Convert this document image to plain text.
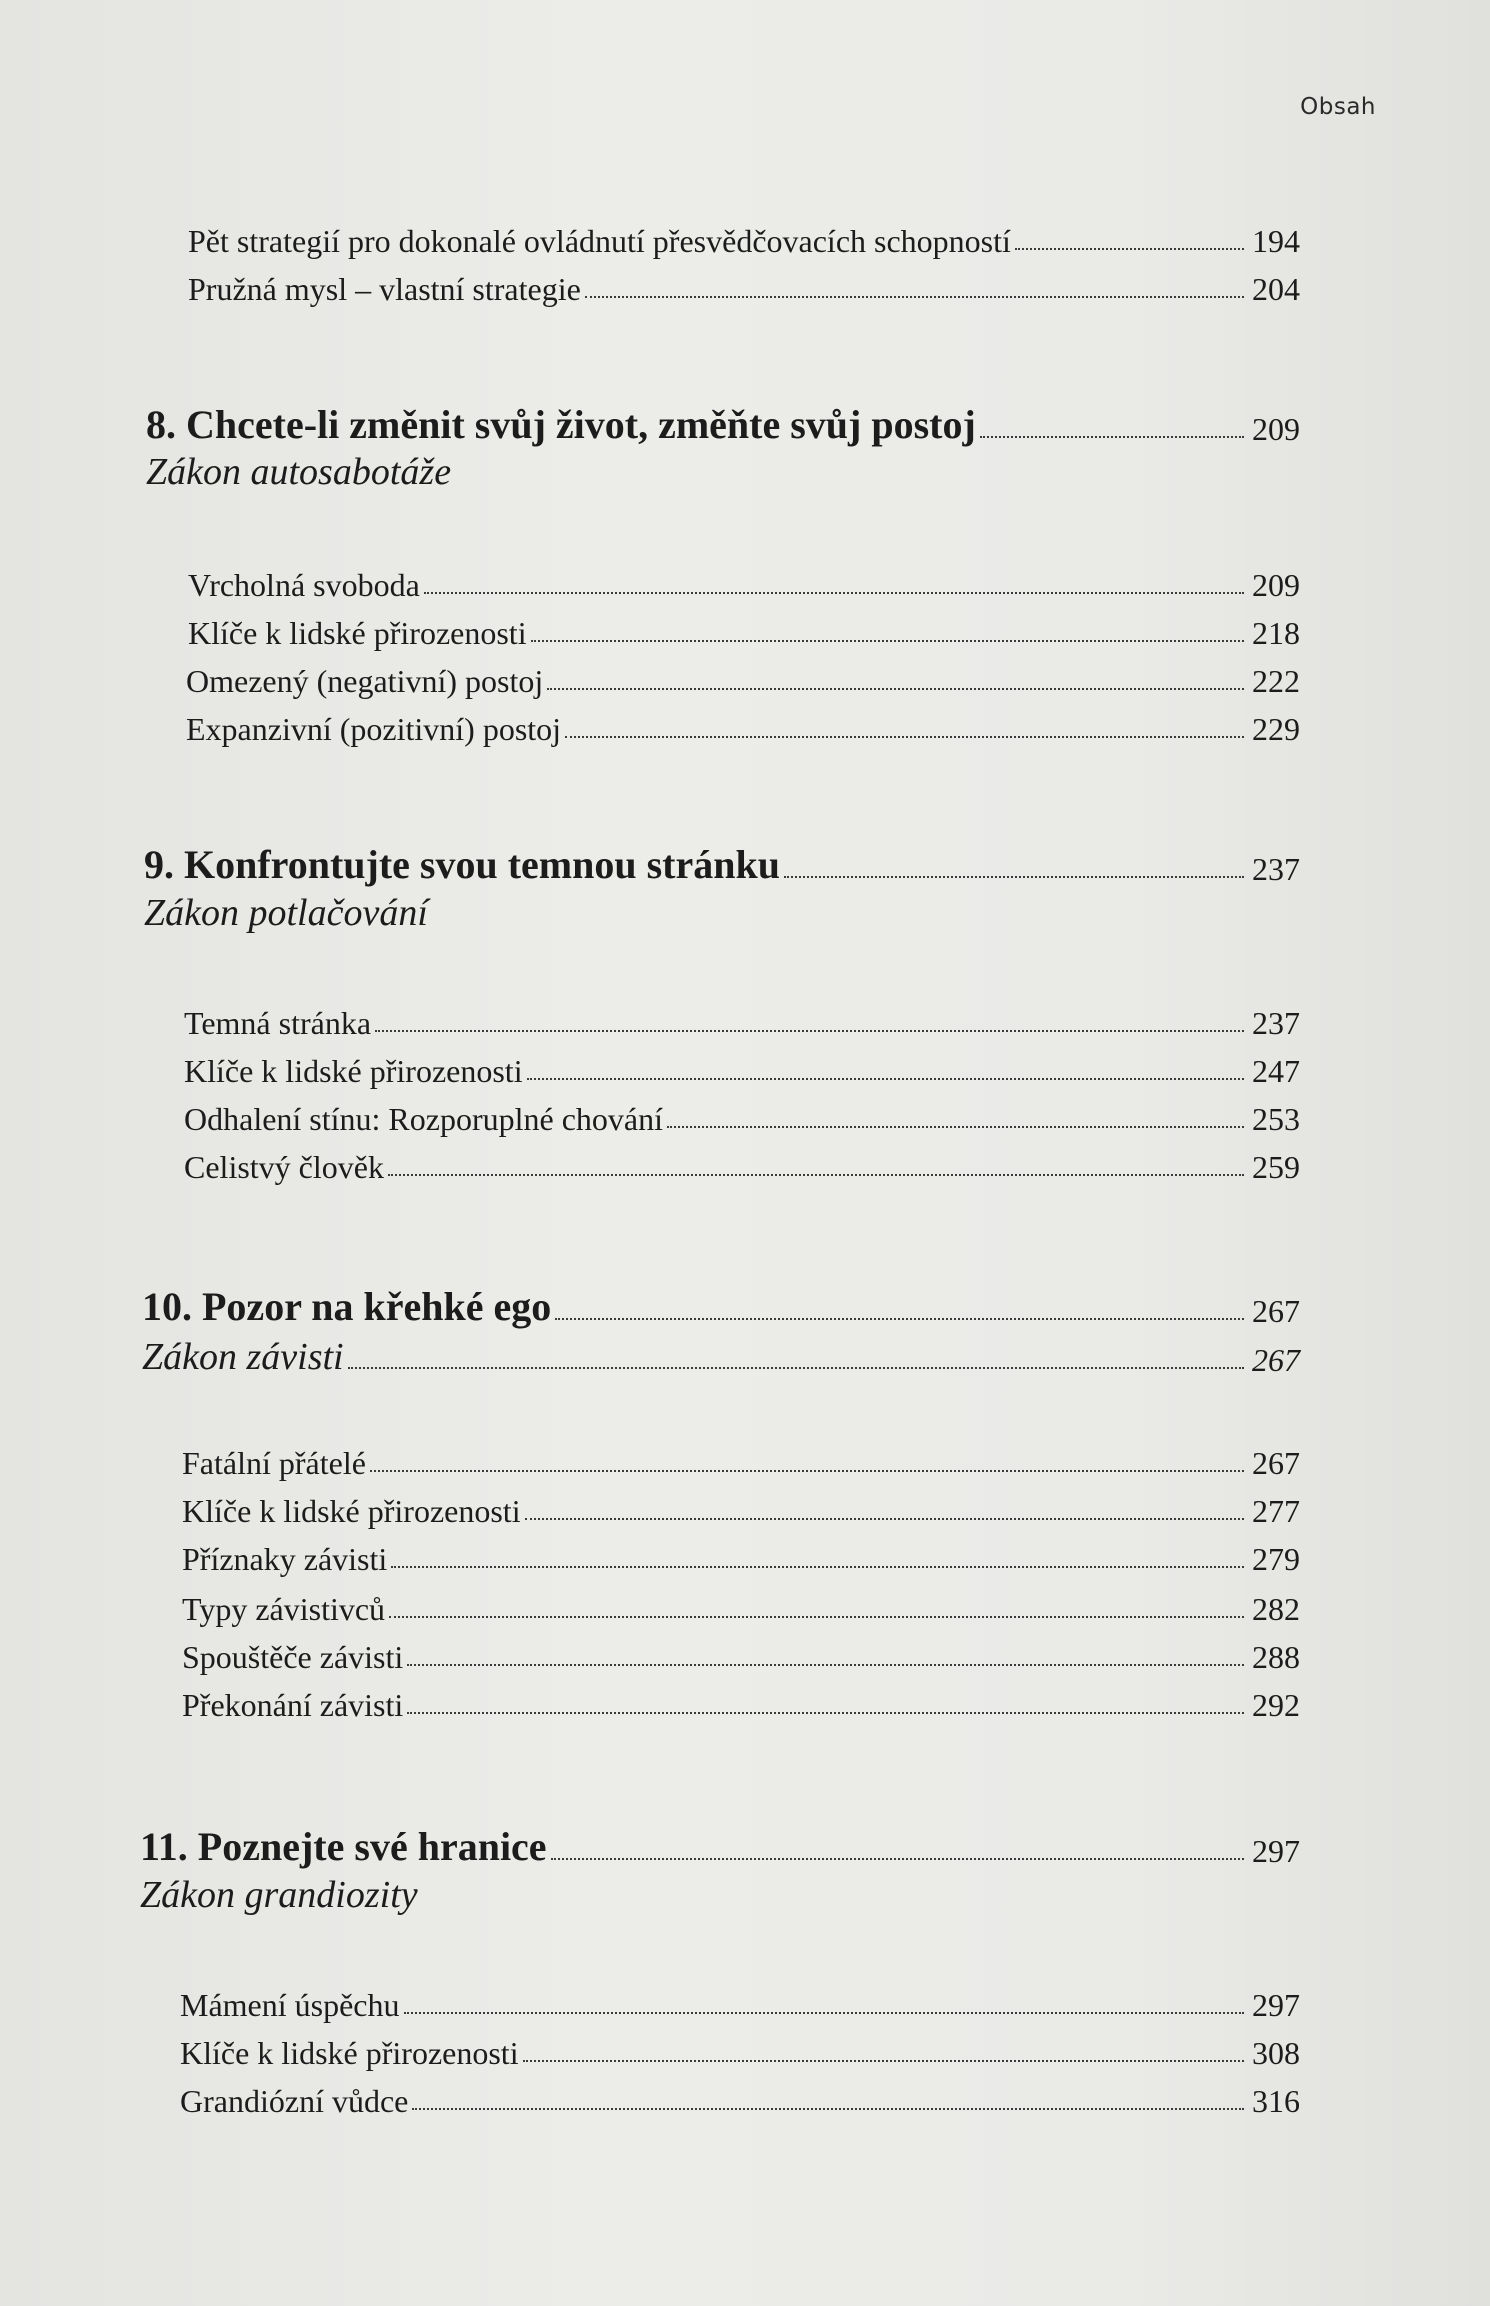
Obsah
Pět strategií pro dokonalé ovládnutí přesvědčovacích schopností	194
Pružná mysl – vlastní strategie	204
8. Chcete-li změnit svůj život, změňte svůj postoj	209
Zákon autosabotáže
Vrcholná svoboda	209
Klíče k lidské přirozenosti	218
Omezený (negativní) postoj	222
Expanzivní (pozitivní) postoj	229
9. Konfrontujte svou temnou stránku	237
Zákon potlačování
Temná stránka	237
Klíče k lidské přirozenosti	247
Odhalení stínu: Rozporuplné chování	253
Celistvý člověk	259
10. Pozor na křehké ego	267
Zákon závisti	267
Fatální přátelé	267
Klíče k lidské přirozenosti	277
Příznaky závisti	279
Typy závistivců	282
Spouštěče závisti	288
Překonání závisti	292
11. Poznejte své hranice	297
Zákon grandiozity
Mámení úspěchu	297
Klíče k lidské přirozenosti	308
Grandiózní vůdce	316
